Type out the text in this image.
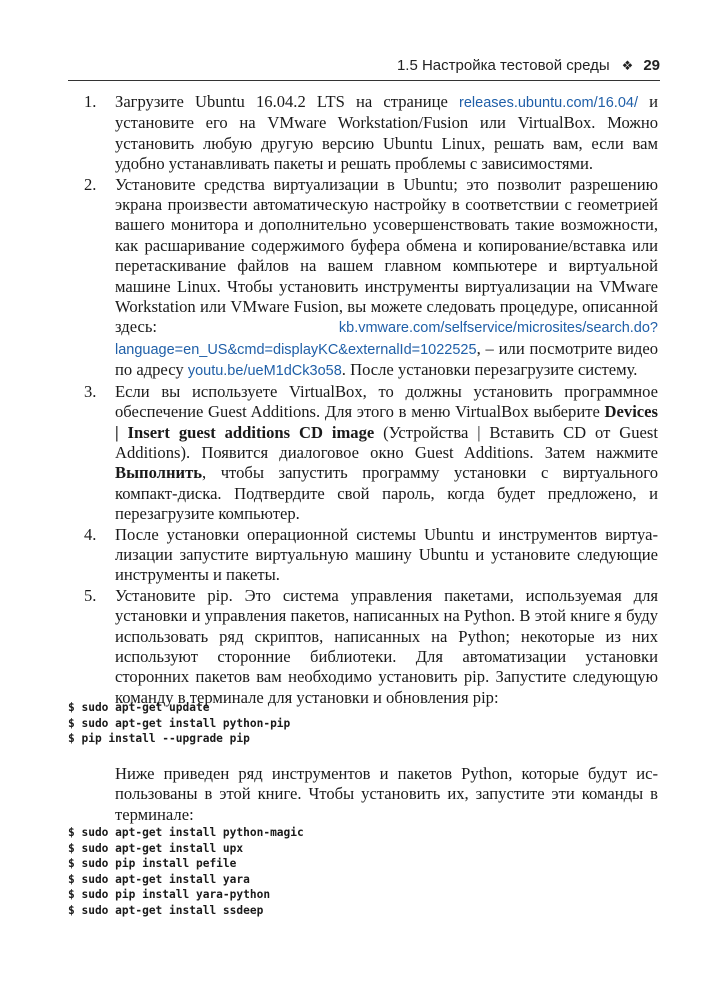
1.5 Настройка тестовой среды ❖ 29
1. Загрузите Ubuntu 16.04.2 LTS на странице releases.ubuntu.com/16.04/ и установите его на VMware Workstation/Fusion или VirtualBox. Можно установить любую другую версию Ubuntu Linux, решать вам, если вам удобно устанавливать пакеты и решать проблемы с зависимостями.
2. Установите средства виртуализации в Ubuntu; это позволит разрешению экрана произвести автоматическую настройку в соответствии с геометрией вашего монитора и дополнительно усовершенствовать такие возможности, как расшаривание содержимого буфера обмена и копирование/вставка или перетаскивание файлов на вашем главном компьютере и виртуальной машине Linux. Чтобы установить инструменты виртуализации на VMware Workstation или VMware Fusion, вы можете следовать процедуре, описанной здесь: kb.vmware.com/selfservice/microsites/search.do?language=en_US&cmd=displayKC&externalId=1022525, – или посмотрите видео по адресу youtu.be/ueM1dCk3o58. После установки перезагрузите систему.
3. Если вы используете VirtualBox, то должны установить программное обеспечение Guest Additions. Для этого в меню VirtualBox выберите Devices | Insert guest additions CD image (Устройства | Вставить CD от Guest Additions). Появится диалоговое окно Guest Additions. Затем нажмите Выполнить, чтобы запустить программу установки с виртуального компакт-диска. Подтвердите свой пароль, когда будет предложено, и перезагрузите компьютер.
4. После установки операционной системы Ubuntu и инструментов виртуализации запустите виртуальную машину Ubuntu и установите следующие инструменты и пакеты.
5. Установите pip. Это система управления пакетами, используемая для установки и управления пакетов, написанных на Python. В этой книге я буду использовать ряд скриптов, написанных на Python; некоторые из них используют сторонние библиотеки. Для автоматизации установки сторонних пакетов вам необходимо установить pip. Запустите следующую команду в терминале для установки и обновления pip:
$ sudo apt-get update
$ sudo apt-get install python-pip
$ pip install --upgrade pip
Ниже приведен ряд инструментов и пакетов Python, которые будут использованы в этой книге. Чтобы установить их, запустите эти команды в терминале:
$ sudo apt-get install python-magic
$ sudo apt-get install upx
$ sudo pip install pefile
$ sudo apt-get install yara
$ sudo pip install yara-python
$ sudo apt-get install ssdeep
